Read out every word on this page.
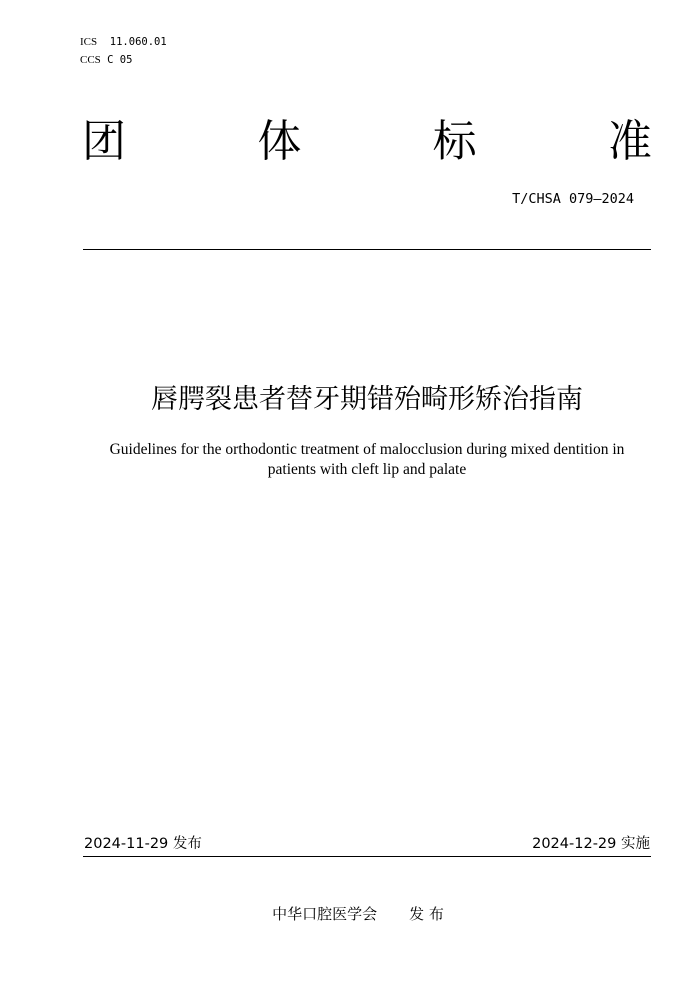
ICS 11.060.01
CCS C 05
团	体	标	准
T/CHSA 079—2024
唇腭裂患者替牙期错殆畸形矫治指南
Guidelines for the orthodontic treatment of malocclusion during mixed dentition in patients with cleft lip and palate
2024-11-29 发布	2024-12-29 实施
中华口腔医学会 发 布
